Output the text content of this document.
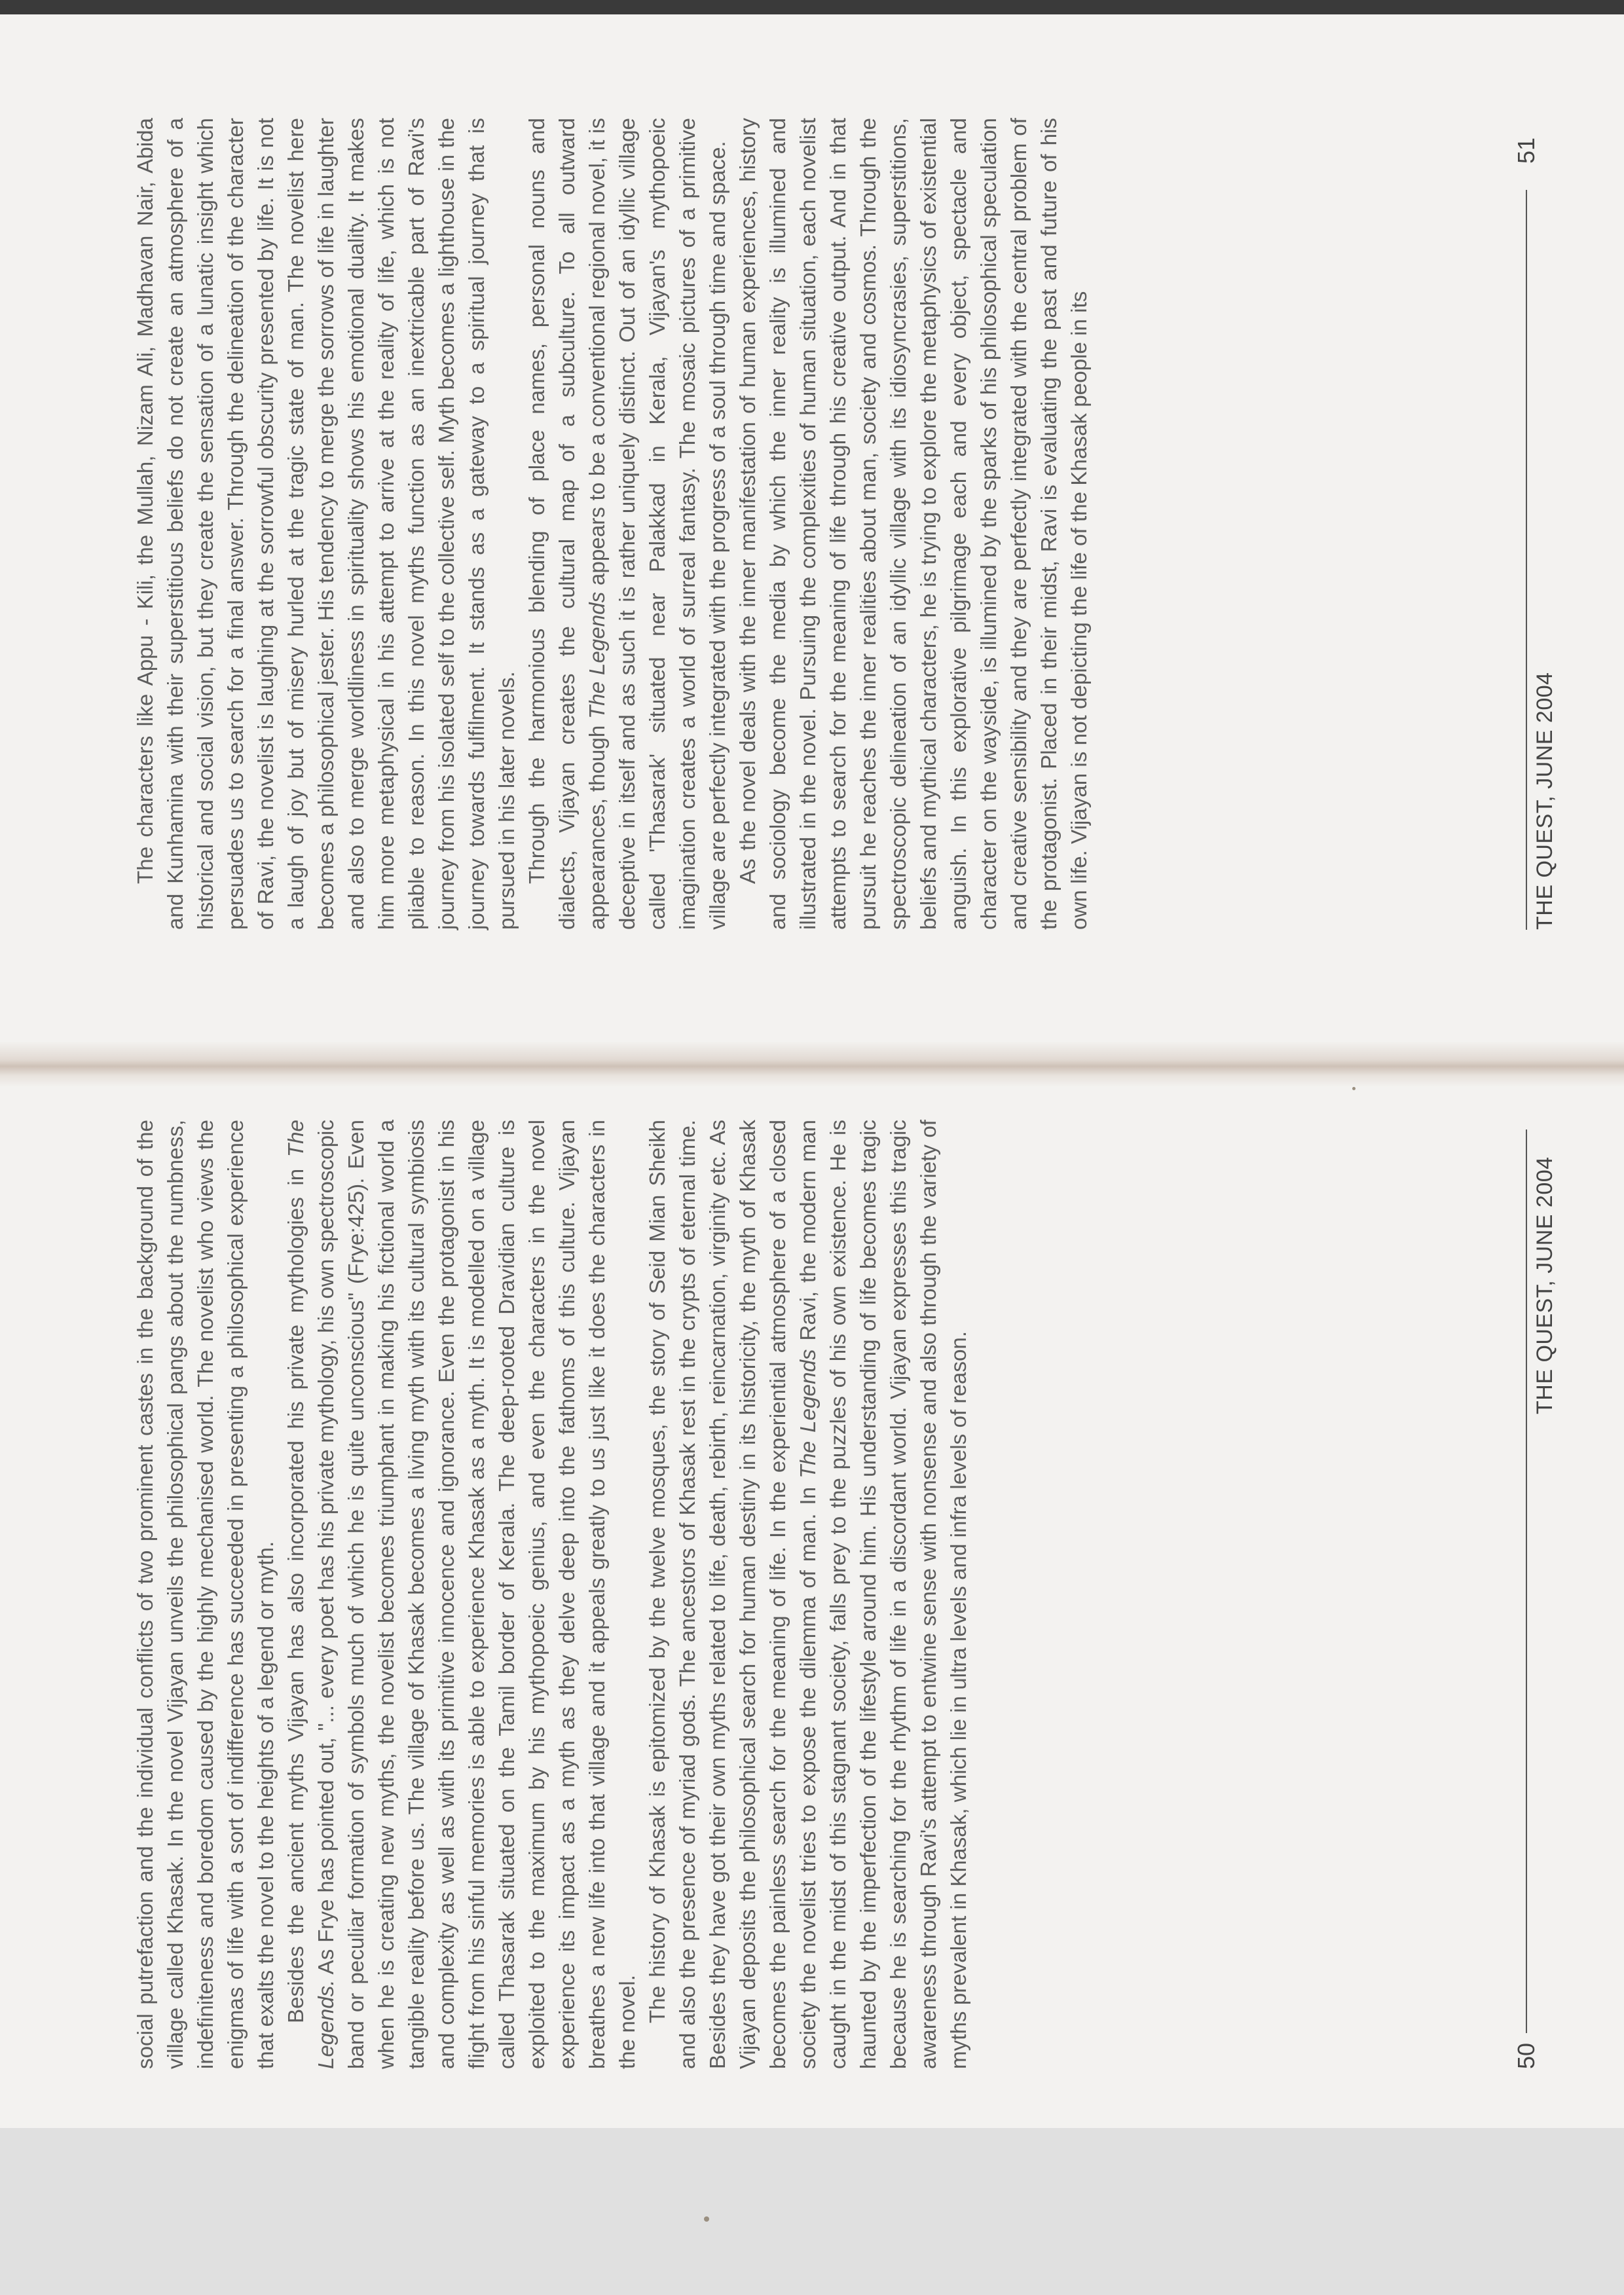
The characters like Appu - Kili, the Mullah, Nizam Ali, Madhavan Nair, Abida and Kunhamina with their superstitious beliefs do not create an atmosphere of a historical and social vision, but they create the sensation of a lunatic insight which persuades us to search for a final answer. Through the delineation of the character of Ravi, the novelist is laughing at the sorrowful obscurity presented by life. It is not a laugh of joy but of misery hurled at the tragic state of man. The novelist here becomes a philosophical jester. His tendency to merge the sorrows of life in laughter and also to merge worldliness in spirituality shows his emotional duality. It makes him more metaphysical in his attempt to arrive at the reality of life, which is not pliable to reason. In this novel myths function as an inextricable part of Ravi's journey from his isolated self to the collective self. Myth becomes a lighthouse in the journey towards fulfilment. It stands as a gateway to a spiritual journey that is pursued in his later novels. Through the harmonious blending of place names, personal nouns and dialects, Vijayan creates the cultural map of a subculture. To all outward appearances, though The Legends appears to be a conventional regional novel, it is deceptive in itself and as such it is rather uniquely distinct. Out of an idyllic village called 'Thasarak' situated near Palakkad in Kerala, Vijayan's mythopoeic imagination creates a world of surreal fantasy. The mosaic pictures of a primitive village are perfectly integrated with the progress of a soul through time and space. As the novel deals with the inner manifestation of human experiences, history and sociology become the media by which the inner reality is illumined and illustrated in the novel. Pursuing the complexities of human situation, each novelist attempts to search for the meaning of life through his creative output. And in that pursuit he reaches the inner realities about man, society and cosmos. Through the spectroscopic delineation of an idyllic village with its idiosyncrasies, superstitions, beliefs and mythical characters, he is trying to explore the metaphysics of existential anguish. In this explorative pilgrimage each and every object, spectacle and character on the wayside, is illumined by the sparks of his philosophical speculation and creative sensibility and they are perfectly integrated with the central problem of the protagonist. Placed in their midst, Ravi is evaluating the past and future of his own life. Vijayan is not depicting the life of the Khasak people in its	THE QUEST, JUNE 2004
51

social putrefaction and the individual conflicts of two prominent castes in the background of the village called Khasak. In the novel Vijayan unveils the philosophical pangs about the numbness, indefiniteness and boredom caused by the highly mechanised world. The novelist who views the enigmas of life with a sort of indifference has succeeded in presenting a philosophical experience that exalts the novel to the heights of a legend or myth. Besides the ancient myths Vijayan has also incorporated his private mythologies in The Legends. As Frye has pointed out, "... every poet has his private mythology, his own spectroscopic band or peculiar formation of symbols much of which he is quite unconscious" (Frye:425). Even when he is creating new myths, the novelist becomes triumphant in making his fictional world a tangible reality before us. The village of Khasak becomes a living myth with its cultural symbiosis and complexity as well as with its primitive innocence and ignorance. Even the protagonist in his flight from his sinful memories is able to experience Khasak as a myth. It is modelled on a village called Thasarak situated on the Tamil border of Kerala. The deep-rooted Dravidian culture is exploited to the maximum by his mythopoeic genius, and even the characters in the novel experience its impact as a myth as they delve deep into the fathoms of this culture. Vijayan breathes a new life into that village and it appeals greatly to us just like it does the characters in the novel. The history of Khasak is epitomized by the twelve mosques, the story of Seid Mian Sheikh and also the presence of myriad gods. The ancestors of Khasak rest in the crypts of eternal time. Besides they have got their own myths related to life, death, rebirth, reincarnation, virginity etc. As Vijayan deposits the philosophical search for human destiny in its historicity, the myth of Khasak becomes the painless search for the meaning of life. In the experiential atmosphere of a closed society the novelist tries to expose the dilemma of man. In The Legends Ravi, the modern man caught in the midst of this stagnant society, falls prey to the puzzles of his own existence. He is haunted by the imperfection of the lifestyle around him. His understanding of life becomes tragic because he is searching for the rhythm of life in a discordant world. Vijayan expresses this tragic awareness through Ravi's attempt to entwine sense with nonsense and also through the variety of myths prevalent in Khasak, which lie in ultra levels and infra levels of reason.	50
THE QUEST, JUNE 2004
